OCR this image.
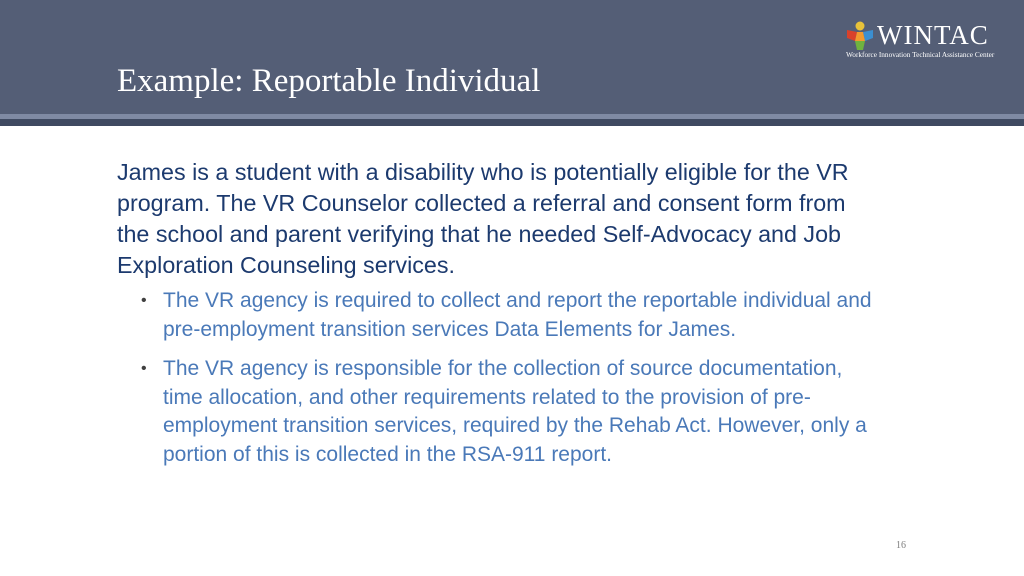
Example: Reportable Individual
WINTAC
Workforce Innovation Technical Assistance Center

James is a student with a disability who is potentially eligible for the VR program. The VR Counselor collected a referral and consent form from the school and parent verifying that he needed Self-Advocacy and Job Exploration Counseling services.

• The VR agency is required to collect and report the reportable individual and pre-employment transition services Data Elements for James.
• The VR agency is responsible for the collection of source documentation, time allocation, and other requirements related to the provision of pre-employment transition services, required by the Rehab Act. However, only a portion of this is collected in the RSA-911 report.
16
